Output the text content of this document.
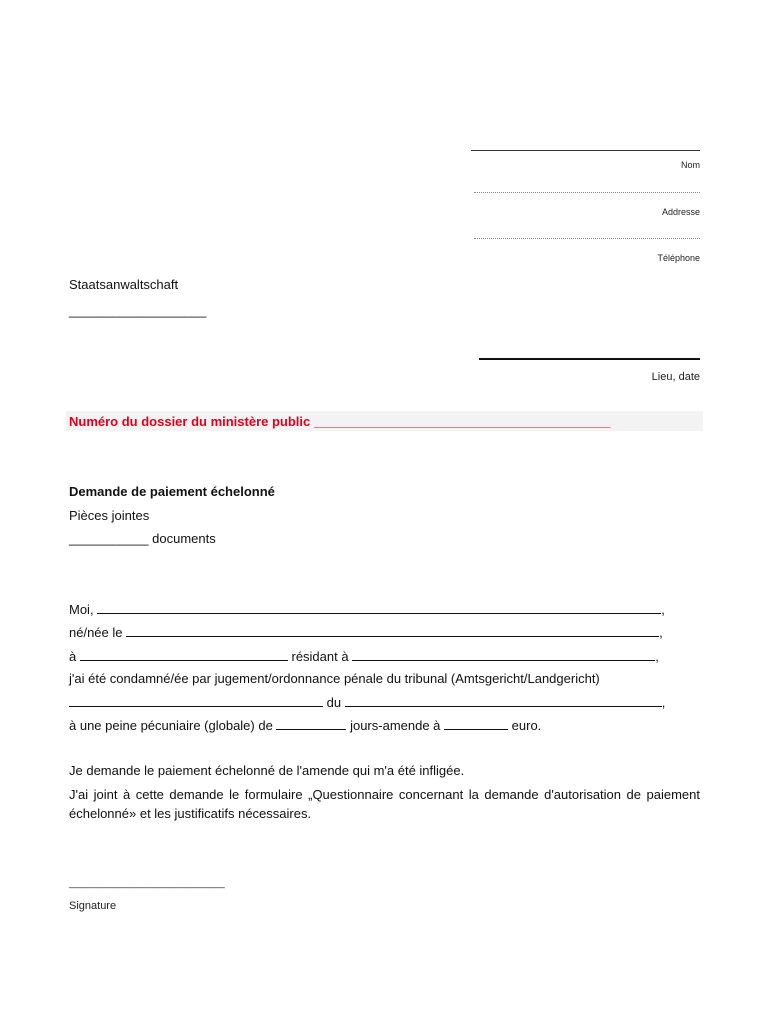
Nom
Addresse
Téléphone
Staatsanwaltschaft
___________________
Lieu, date
Numéro du dossier du ministère public _________________________________________
Demande de paiement échelonné
Pièces jointes
___________ documents
Moi,	,
né/née le	,
à	résidant à	,
j'ai été condamné/ée par jugement/ordonnance pénale du tribunal (Amtsgericht/Landgericht)
du	,
à une peine pécuniaire (globale) de	jours-amende à	euro.
Je demande le paiement échelonné de l'amende qui m'a été infligée.
J'ai joint à cette demande le formulaire „Questionnaire concernant la demande d'autorisation de paiement échelonné» et les justificatifs nécessaires.
____________________________
Signature
